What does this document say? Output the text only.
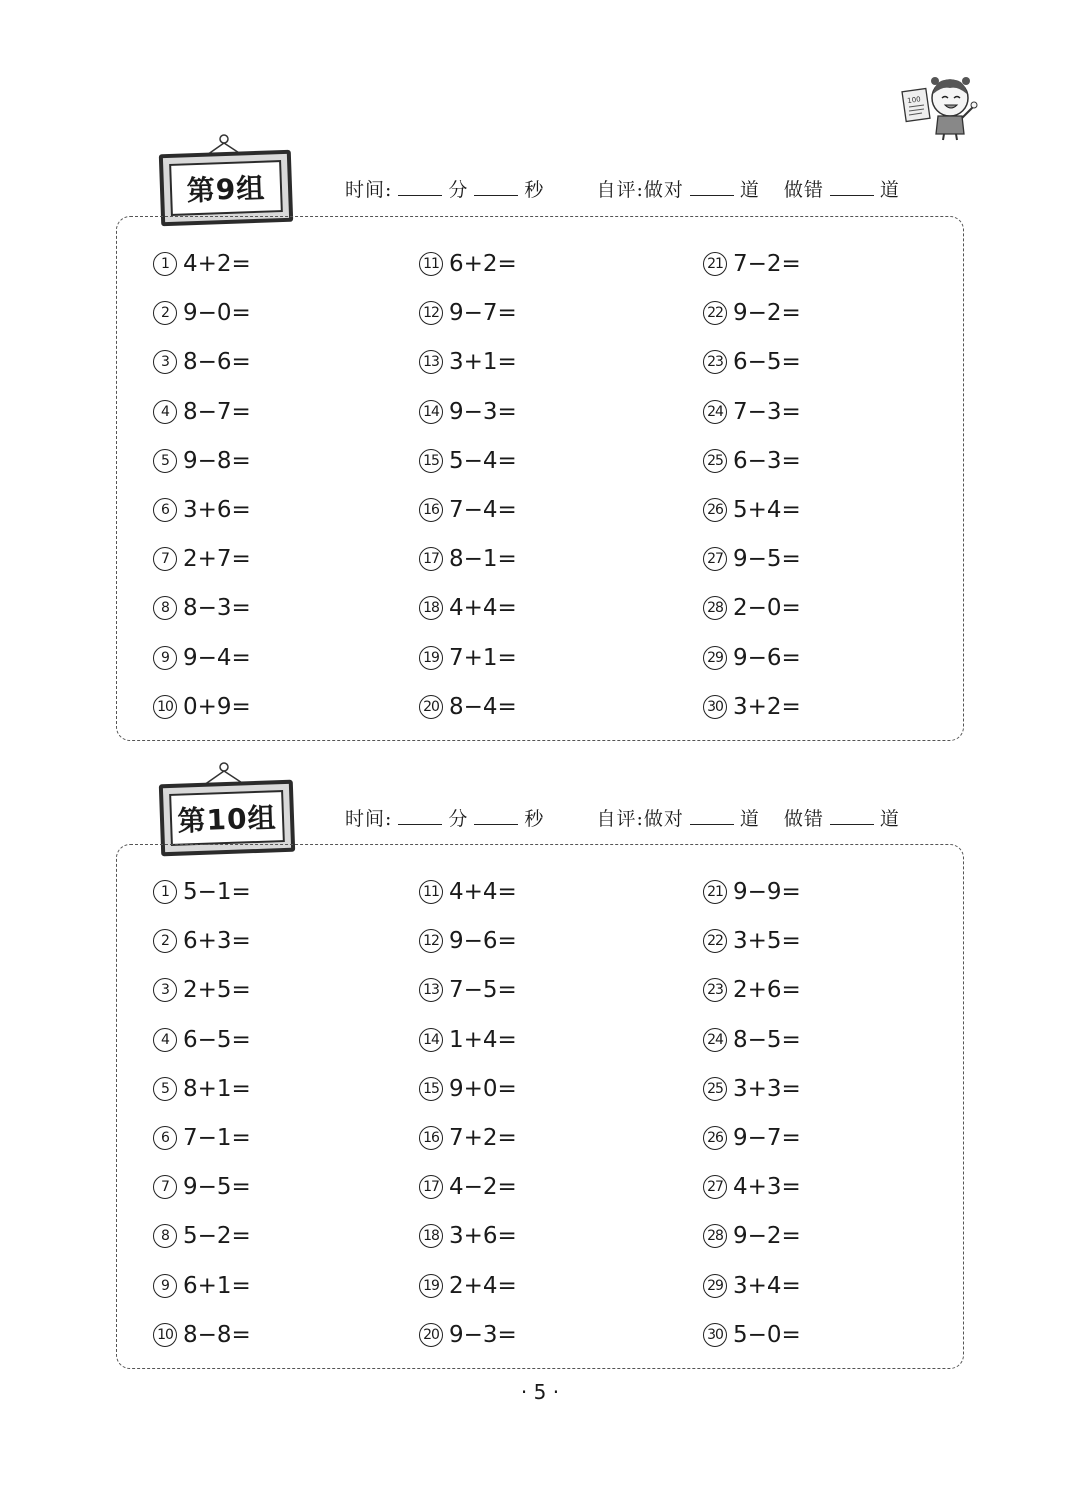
100
第9组	时间:	分	秒	自评:做对	道 做错	道
1 4+2=
2 9−0=
3 8−6=
4 8−7=
5 9−8=
6 3+6=
7 2+7=
8 8−3=
9 9−4=
10 0+9=
11 6+2=
12 9−7=
13 3+1=
14 9−3=
15 5−4=
16 7−4=
17 8−1=
18 4+4=
19 7+1=
20 8−4=
21 7−2=
22 9−2=
23 6−5=
24 7−3=
25 6−3=
26 5+4=
27 9−5=
28 2−0=
29 9−6=
30 3+2=
第10组	时间:	分	秒	自评:做对	道 做错	道
1 5−1=
2 6+3=
3 2+5=
4 6−5=
5 8+1=
6 7−1=
7 9−5=
8 5−2=
9 6+1=
10 8−8=
11 4+4=
12 9−6=
13 7−5=
14 1+4=
15 9+0=
16 7+2=
17 4−2=
18 3+6=
19 2+4=
20 9−3=
21 9−9=
22 3+5=
23 2+6=
24 8−5=
25 3+3=
26 9−7=
27 4+3=
28 9−2=
29 3+4=
30 5−0=
· 5 ·
